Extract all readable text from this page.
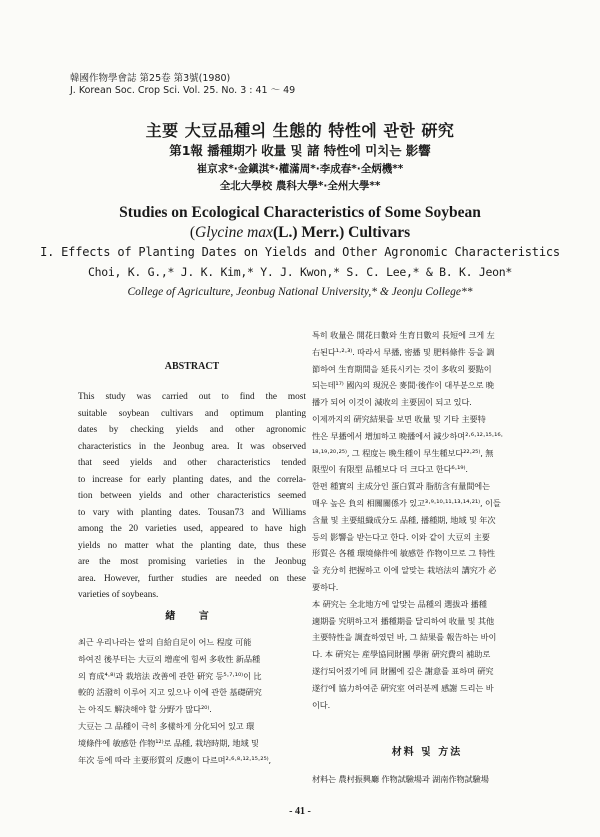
韓國作物學會誌 第25卷 第3號(1980)
J. Korean Soc. Crop Sci. Vol. 25. No. 3 : 41 ～ 49
主要 大豆品種의 生態的 特性에 관한 硏究
第1報 播種期가 收量 및 諸 特性에 미치는 影響
崔京求*·金鎭淇*·權滿周*·李成春*·全炳機**
全北大學校 農科大學*·全州大學**
Studies on Ecological Characteristics of Some Soybean
(Glycine max(L.) Merr.) Cultivars
I. Effects of Planting Dates on Yields and Other Agronomic Characteristics
Choi, K. G.,* J. K. Kim,* Y. J. Kwon,* S. C. Lee,* & B. K. Jeon*
College of Agriculture, Jeonbug National University,* & Jeonju College**
ABSTRACT
This study was carried out to find the most
suitable soybean cultivars and optimum planting
dates by checking yields and other agronomic
characteristics in the Jeonbug area. It was observed
that seed yields and other characteristics tended
to increase for early planting dates, and the correla-
tion between yields and other characteristics seemed
to vary with planting dates. Tousan73 and Williams
among the 20 varieties used, appeared to have high
yields no matter what the planting date, thus these
are the most promising varieties in the Jeonbug
area. However, further studies are needed on these
varieties of soybeans.
緖 言
최근 우리나라는 쌀의 自給自足이 어느 程度 可能
하여진 後부터는 大豆의 增産에 힘써 多收性 新品種
의 育成⁴·⁸⁾과 栽培法 改善에 관한 硏究 등⁵·⁷·¹⁰⁾이 比
較的 活潑히 이루어 지고 있으나 이에 관한 基礎硏究
는 아직도 解決해야 할 分野가 많다²⁰⁾.
大豆는 그 品種이 극히 多樣하게 分化되어 있고 環
境條件에 敏感한 作物¹²⁾로 品種, 栽培時期, 地域 및
年次 등에 따라 主要形質의 反應이 다르며²·⁶·⁸·¹²·¹⁵·²⁵⁾,
특히 收量은 開花日數와 生育日數의 長短에 크게 左
右된다¹·²·³⁾. 따라서 早播, 密播 및 肥料條件 등을 調
節하여 生育期間을 延長시키는 것이 多收의 要點이
되는데¹⁷⁾ 國內의 現況은 麥間·後作이 대부분으로 晩
播가 되어 이것이 減收의 主要因이 되고 있다.
이제까지의 硏究結果를 보면 收量 및 기타 主要特
性은 早播에서 增加하고 晩播에서 減少하며²·⁶·¹²·¹⁵·¹⁶·
¹⁸·¹⁹·²⁰·²⁵⁾, 그 程度는 晩生種이 早生種보다²²·²⁵⁾, 無
限型이 有限型 品種보다 더 크다고 한다⁶·¹⁹⁾.
한편 種實의 主成分인 蛋白質과 脂肪含有量間에는
매우 높은 負의 相關關係가 있고³·⁹·¹⁰·¹¹·¹³·¹⁴·²¹⁾, 이들
含量 및 主要組織成分도 品種, 播種期, 地域 및 年次
등의 影響을 받는다고 한다. 이와 같이 大豆의 主要
形質은 各種 環境條件에 敏感한 作物이므로 그 特性
을 充分히 把握하고 이에 알맞는 栽培法의 講究가 必
要하다.
本 硏究는 全北地方에 알맞는 品種의 選拔과 播種
適期를 究明하고저 播種期를 달리하여 收量 및 其他
主要特性을 調査하였던 바, 그 結果를 報告하는 바이
다. 本 硏究는 産學協同財團 學術 硏究費의 補助로
遂行되어졌기에 同 財團에 깊은 謝意를 표하며 硏究
遂行에 協力하여준 硏究室 여러분께 感謝 드리는 바
이다.
材料 및 方法
材料는 農村振興廳 作物試驗場과 湖南作物試驗場
- 41 -
